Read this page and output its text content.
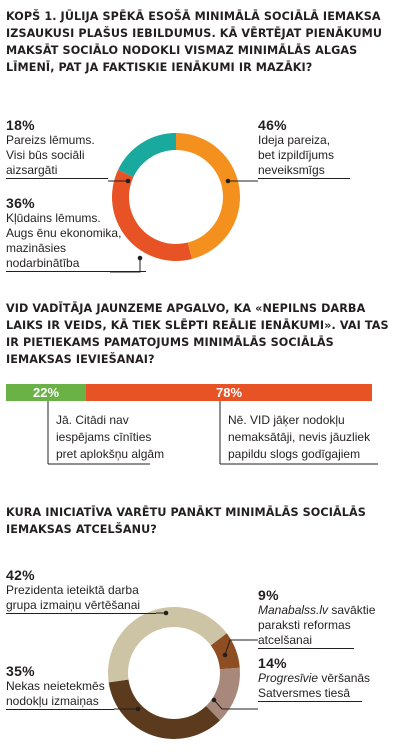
KOPŠ 1. JŪLIJA SPĒKĀ ESOŠĀ MINIMĀLĀ SOCIĀLĀ IEMAKSA IZSAUKUSI PLAŠUS IEBILDUMUS. KĀ VĒRTĒJAT PIENĀKUMU MAKSĀT SOCIĀLO NODOKLI VISMAZ MINIMĀLĀS ALGAS LĪMENĪ, PAT JA FAKTISKIE IENĀKUMI IR MAZĀKI?

18%
Pareizs lēmums.
Visi būs sociāli
aizsargāti
46%
Ideja pareiza,
bet izpildījums
neveiksmīgs
36%
Kļūdains lēmums.
Augs ēnu ekonomika,
mazināsies
nodarbinātība

VID VADĪTĀJA JAUNZEME APGALVO, KA «NEPILNS DARBA LAIKS IR VEIDS, KĀ TIEK SLĒPTI REĀLIE IENĀKUMI». VAI TAS IR PIETIEKAMS PAMATOJUMS MINIMĀLĀS SOCIĀLĀS IEMAKSAS IEVIEŠANAI?

22%	78%
Jā. Citādi nav
iespējams cīnīties
pret aplokšņu algām
Nē. VID jāķer nodokļu
nemaksātāji, nevis jāuzliek
papildu slogs godīgajiem

KURA INICIATĪVA VARĒTU PANĀKT MINIMĀLĀS SOCIĀLĀS IEMAKSAS ATCELŠANU?

42%
Prezidenta ieteiktā darba
grupa izmaiņu vērtēšanai
9%
Manabalss.lv savāktie
paraksti reformas
atcelšanai
14%
Progresīvie vēršanās
Satversmes tiesā
35%
Nekas neietekmēs
nodokļu izmaiņas
